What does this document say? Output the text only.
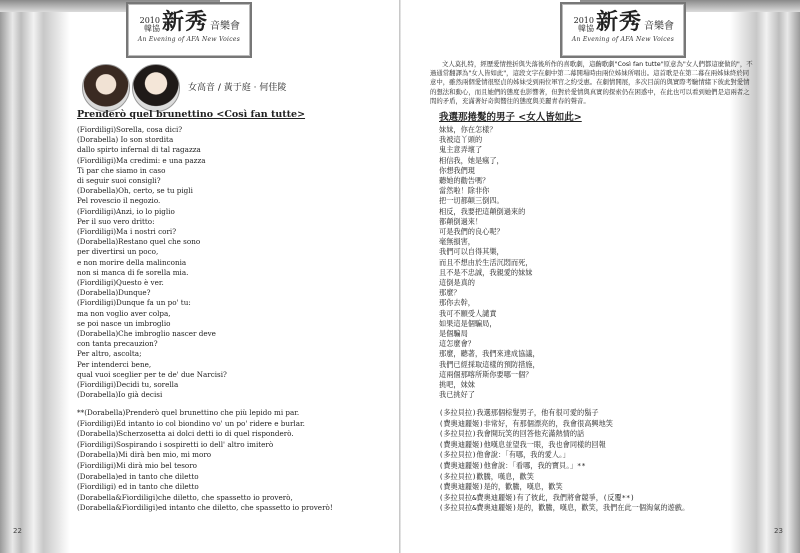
2010
韓協 新秀 音樂會
An Evening of AFA New Voices
2010
韓協 新秀 音樂會
An Evening of AFA New Voices
女高音 / 黃于庭 ‧ 何佳陵
Prenderò quel brunettino <Così fan tutte>
(Fiordiligi)Sorella, cosa dici?
(Dorabella) Io son stordita
dallo spirto infernal di tal ragazza
(Fiordiligi)Ma credimi: e una pazza
Ti par che siamo in caso
di seguir suoi consigli?
(Dorabella)Oh, certo, se tu pigli
Pel rovescio il negozio.
(Fiordiligi)Anzi, io lo piglio
Per il suo vero dritto:
(Fiordiligi)Ma i nostri cori?
(Dorabella)Restano quel che sono
per divertirsi un poco,
e non morire della malinconia
non si manca di fe sorella mia.
(Fiordiligi)Questo è ver.
(Dorabella)Dunque?
(Fiordiligi)Dunque fa un po' tu:
ma non voglio aver colpa,
se poi nasce un imbroglio
(Dorabella)Che imbroglio nascer deve
con tanta precauzion?
Per altro, ascolta;
Per intenderci bene,
qual vuoi sceglier per te de' due Narcisi?
(Fiordiligi)Decidi tu, sorella
(Dorabella)Io già decisi
**(Dorabella)Prenderò quel brunettino che più lepido mi par.
(Fiordiligi)Ed intanto io col biondino vo' un po' ridere e burlar.
(Dorabella)Scherzosetta ai dolci detti io di quel risponderò.
(Fiordiligi)Sospirando i sospiretti io dell' altro imiterò
(Dorabella)Mi dirà ben mio, mi moro
(Fiordiligi)Mi dirà mio bel tesoro
(Dorabella)ed in tanto che diletto
(Fiordiligi) ed in tanto che diletto
(Dorabella&Fiordiligi)che diletto, che spassetto io proverò,
(Dorabella&Fiordiligi)ed intanto che diletto, che spassetto io proverò!
文人莫扎特，經歷愛情挫折與失落後所作的喜歌劇，這齣歌劇"Così fan tutte"原意為"女人們都這麼做的"，不過通常翻譯為"女人皆如此"，這段文字在劇中第二幕開場時由兩位姊妹所唱出。這首歌是在第二幕在兩姊妹終於同意中，雖然兩個愛情很堅貞的姊妹受到兩位軍官之約受惠。在劇情開展，多次目前的與實際考驗情緒下彼此對愛情的想法和動心，而且她們的態度也影響著，但對於愛情與真實的探索仍在困惑中，在此也可以看到她們是這兩者之間的矛盾，充滿著好奇與嚮往的態度與美麗青春的聲音。
我選那捲髮的男子 <女人皆如此>
妹妹，你在怎樣？
我被這丫頭的
鬼主意弄壞了
相信我，她是瘋了，
你想我們現
聽她的勸告嗎？
當然啦！除非你
把一切都顛三倒四。
相反，我要把這顛倒過來的
都顛倒過來！
可是我們的良心呢？
毫無損害，
我們可以自得其樂，
而且不想由於生活沉悶而死，
且不是不忠誠，我親愛的妹妹
這倒是真的
那麼？
那你去幹，
我可不願受人譴責
如果這是個騙局，
是個騙局
這怎麼會？
那麼，聽著，我們來達成協議，
我們已經採取這樣的預防措施，
這兩個那喀所斯你要哪一個？
挑吧，妹妹
我已挑好了
(多拉貝拉)我選那個棕髮男子，他有很可愛的鬍子
(費奧迪麗姬)非常好，有那個漂亮的，我會很高興地笑
(多拉貝拉)我會開玩笑的回答他充滿熱情的話
(費奧迪麗姬)他嘆息並望我一眼，我也會同樣的回報
(多拉貝拉)他會說：「有哪，我的愛人。」
(費奧迪麗姬)他會說：「看哪，我的寶貝。」**
(多拉貝拉)歡騰，嘆息，歡笑
(費奧迪麗姬)是的，歡騰，嘆息，歡笑
(多拉貝拉&費奧迪麗姬)有了彼此，我們將會競爭，(反覆**)
(多拉貝拉&費奧迪麗姬)是的，歡騰，嘆息，歡笑，我們在此一個淘氣的遊戲。
22	23
